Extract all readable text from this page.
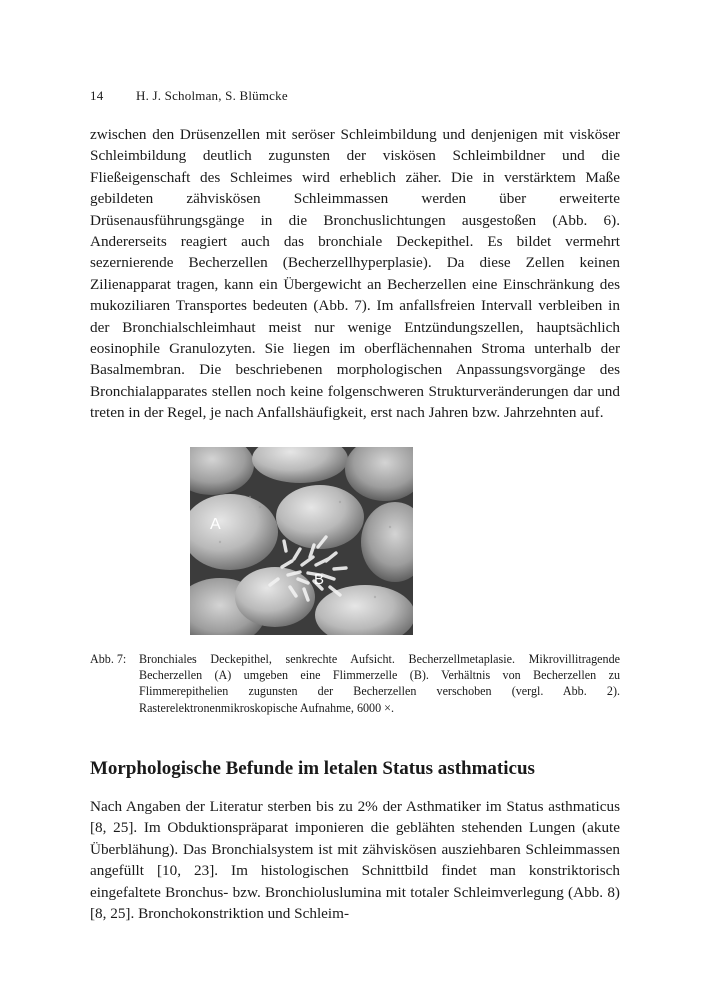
14	H. J. Scholman, S. Blümcke

zwischen den Drüsenzellen mit seröser Schleimbildung und denjenigen mit visköser Schleimbildung deutlich zugunsten der viskösen Schleimbildner und die Fließeigenschaft des Schleimes wird erheblich zäher. Die in verstärktem Maße gebildeten zähviskösen Schleimmassen werden über erweiterte Drüsenausführungsgänge in die Bronchuslichtungen ausgestoßen (Abb. 6). Andererseits reagiert auch das bronchiale Deckepithel. Es bildet vermehrt sezernierende Becherzellen (Becherzellhyperplasie). Da diese Zellen keinen Zilienapparat tragen, kann ein Übergewicht an Becherzellen eine Einschränkung des mukoziliaren Transportes bedeuten (Abb. 7). Im anfallsfreien Intervall verbleiben in der Bronchialschleimhaut meist nur wenige Entzündungszellen, hauptsächlich eosinophile Granulozyten. Sie liegen im oberflächennahen Stroma unterhalb der Basalmembran. Die beschriebenen morphologischen Anpassungsvorgänge des Bronchialapparates stellen noch keine folgenschweren Strukturveränderungen dar und treten in der Regel, je nach Anfallshäufigkeit, erst nach Jahren bzw. Jahrzehnten auf.

A
B
Abb. 7:	Bronchiales Deckepithel, senkrechte Aufsicht. Becherzellmetaplasie. Mikrovillitragende Becherzellen (A) umgeben eine Flimmerzelle (B). Verhältnis von Becherzellen zu Flimmerepithelien zugunsten der Becherzellen verschoben (vergl. Abb. 2). Rasterelektronenmikroskopische Aufnahme, 6000 ×.
Morphologische Befunde im letalen Status asthmaticus

Nach Angaben der Literatur sterben bis zu 2% der Asthmatiker im Status asthmaticus [8, 25]. Im Obduktionspräparat imponieren die geblähten stehenden Lungen (akute Überblähung). Das Bronchialsystem ist mit zähviskösen ausziehbaren Schleimmassen angefüllt [10, 23]. Im histologischen Schnittbild findet man konstriktorisch eingefaltete Bronchus- bzw. Bronchioluslumina mit totaler Schleimverlegung (Abb. 8) [8, 25]. Bronchokonstriktion und Schleim-
